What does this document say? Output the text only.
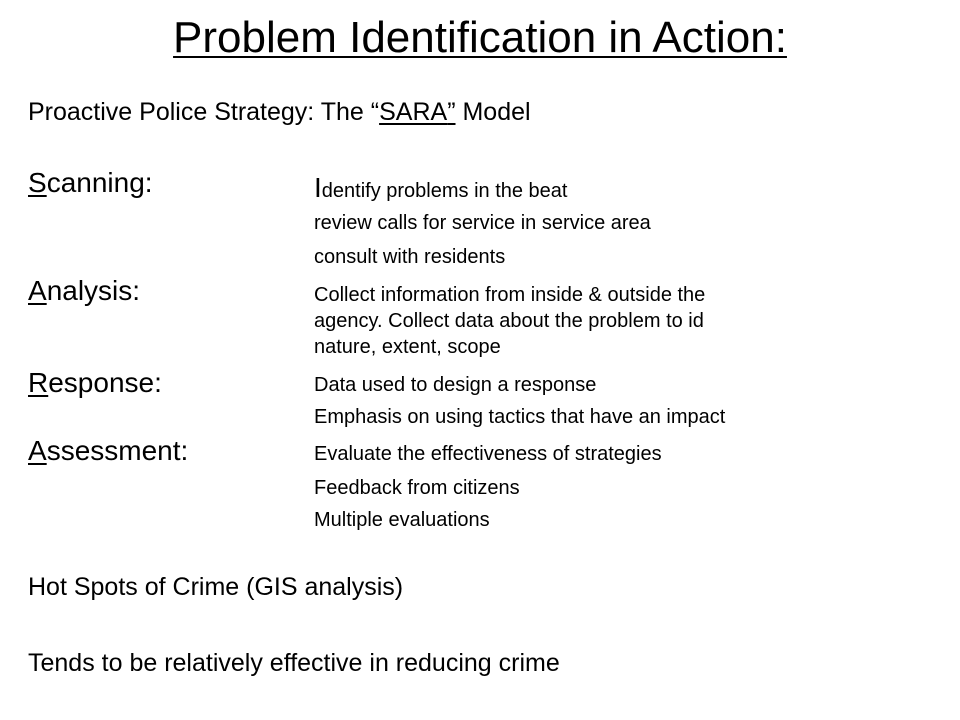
Problem Identification in Action:
Proactive Police Strategy: The “SARA” Model
Scanning:	Identify problems in the beat
review calls for service in service area
consult with residents
Analysis:	Collect information from inside & outside the
agency. Collect data about the problem to id
nature, extent, scope
Response:	Data used to design a response
Emphasis on using tactics that have an impact
Assessment:	Evaluate the effectiveness of strategies
Feedback from citizens
Multiple evaluations
Hot Spots of Crime (GIS analysis)
Tends to be relatively effective in reducing crime
